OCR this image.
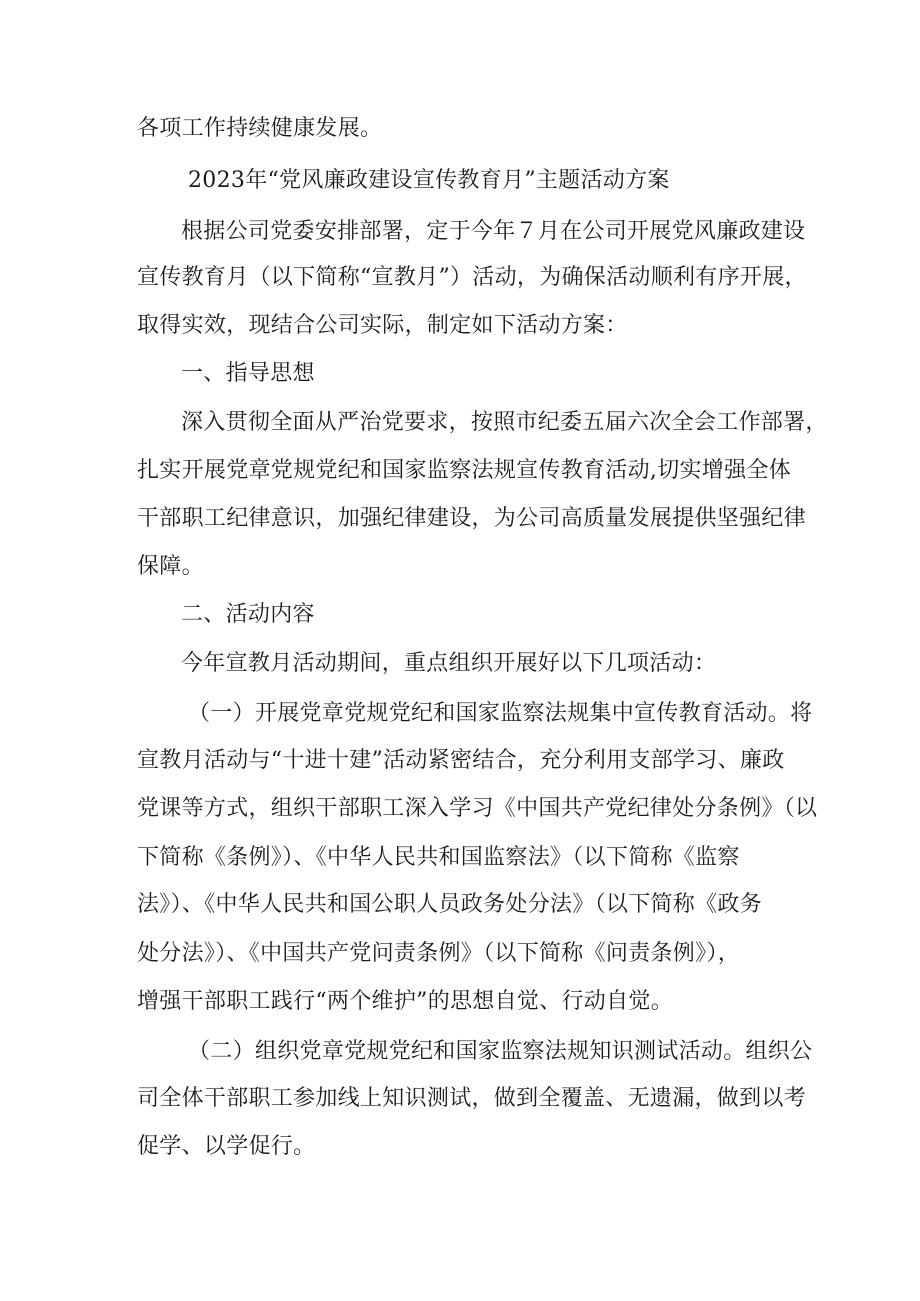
各项工作持续健康发展。
2023年“党风廉政建设宣传教育月”主题活动方案
根据公司党委安排部署，定于今年７月在公司开展党风廉政建设
宣传教育月（以下简称“宣教月”）活动，为确保活动顺利有序开展，
取得实效，现结合公司实际，制定如下活动方案：
一、指导思想
深入贯彻全面从严治党要求，按照市纪委五届六次全会工作部署，
扎实开展党章党规党纪和国家监察法规宣传教育活动,切实增强全体
干部职工纪律意识，加强纪律建设，为公司高质量发展提供坚强纪律
保障。
二、活动内容
今年宣教月活动期间，重点组织开展好以下几项活动：
（一）开展党章党规党纪和国家监察法规集中宣传教育活动。将
宣教月活动与“十进十建”活动紧密结合，充分利用支部学习、廉政
党课等方式，组织干部职工深入学习《中国共产党纪律处分条例》（以
下简称《条例》）、《中华人民共和国监察法》（以下简称《监察
法》）、《中华人民共和国公职人员政务处分法》（以下简称《政务
处分法》）、《中国共产党问责条例》（以下简称《问责条例》），
增强干部职工践行“两个维护”的思想自觉、行动自觉。
（二）组织党章党规党纪和国家监察法规知识测试活动。组织公
司全体干部职工参加线上知识测试，做到全覆盖、无遗漏，做到以考
促学、以学促行。
